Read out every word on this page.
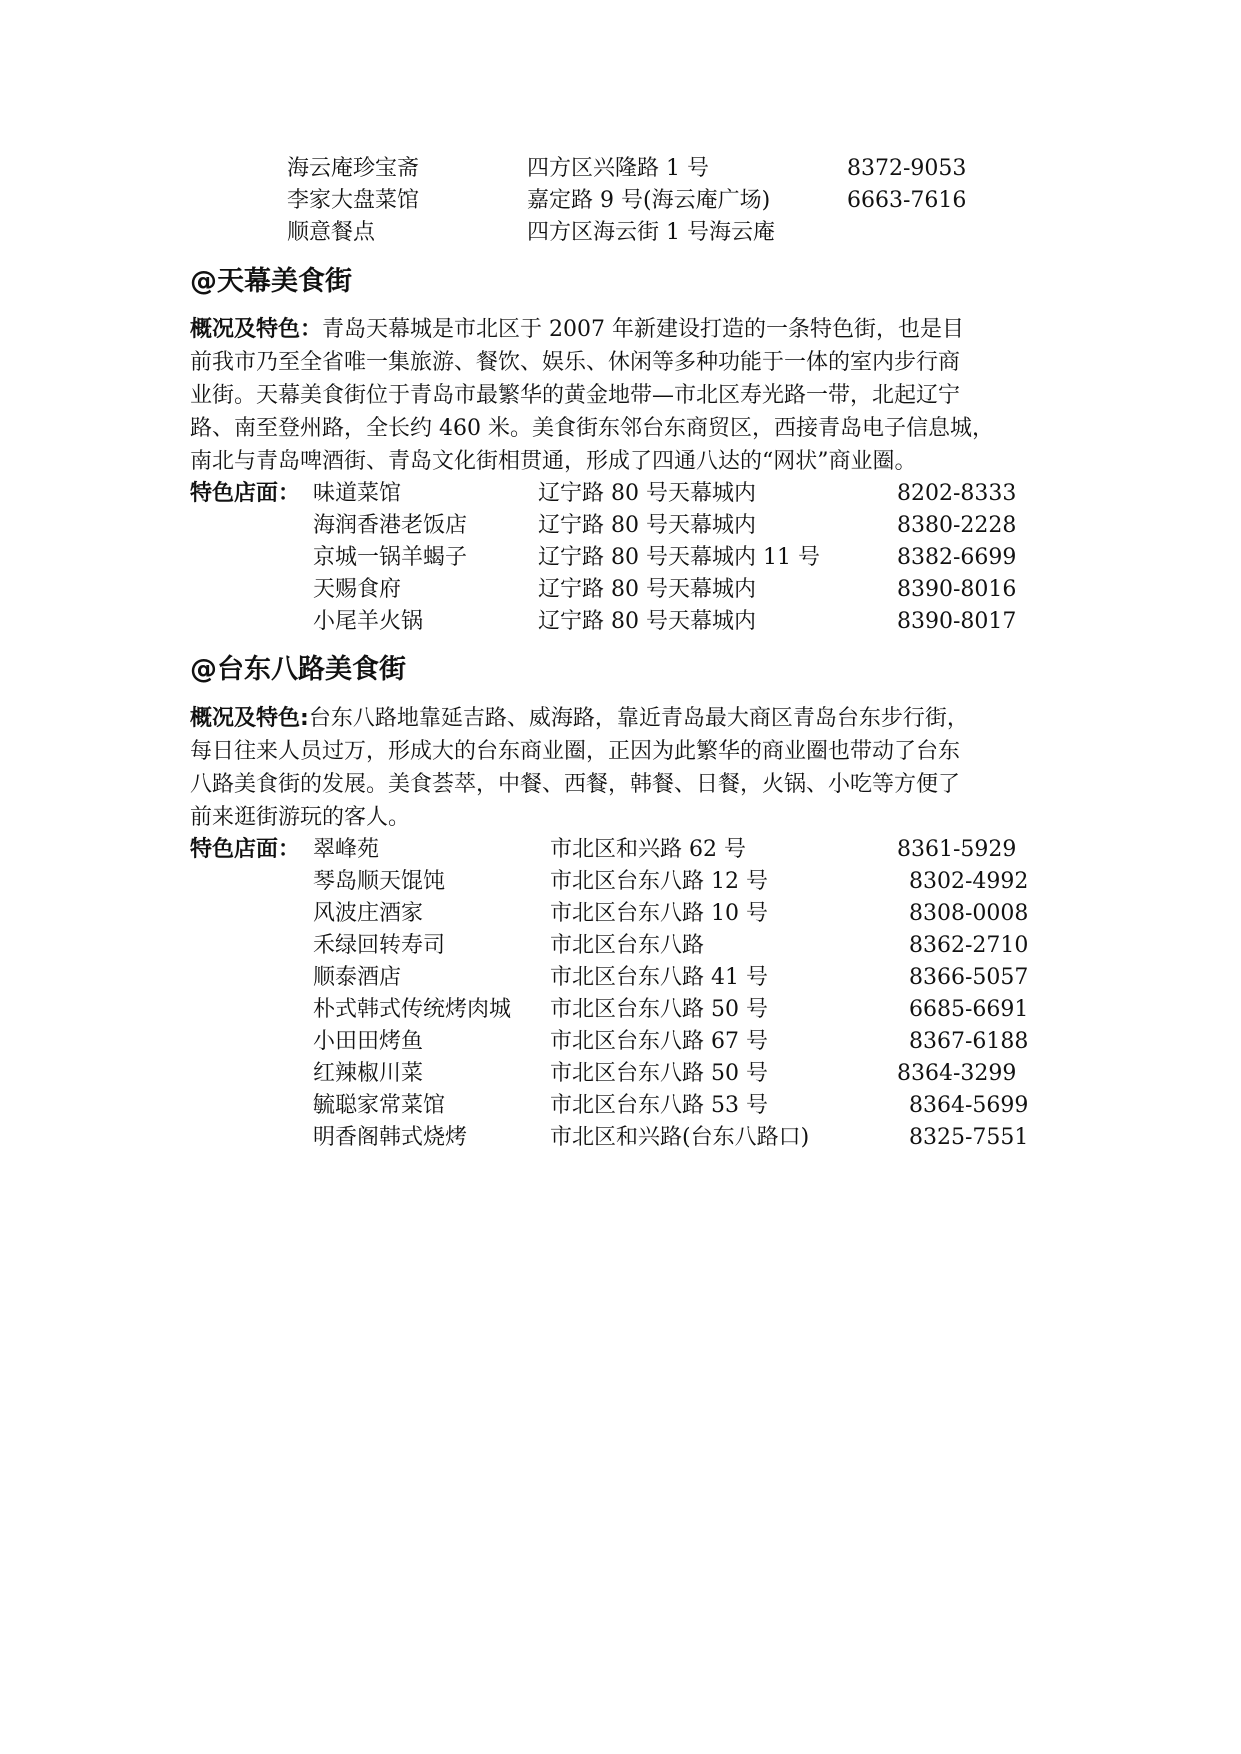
海云庵珍宝斋	四方区兴隆路 1 号	8372-9053
李家大盘菜馆	嘉定路 9 号(海云庵广场)	6663-7616
顺意餐点	四方区海云街 1 号海云庵
@天幕美食街
概况及特色：青岛天幕城是市北区于 2007 年新建设打造的一条特色街，也是目
前我市乃至全省唯一集旅游、餐饮、娱乐、休闲等多种功能于一体的室内步行商
业街。天幕美食街位于青岛市最繁华的黄金地带—市北区寿光路一带，北起辽宁
路、南至登州路，全长约 460 米。美食街东邻台东商贸区，西接青岛电子信息城，
南北与青岛啤酒街、青岛文化街相贯通，形成了四通八达的“网状”商业圈。
特色店面： 味道菜馆	辽宁路 80 号天幕城内	8202-8333
海润香港老饭店	辽宁路 80 号天幕城内	8380-2228
京城一锅羊蝎子	辽宁路 80 号天幕城内 11 号	8382-6699
天赐食府	辽宁路 80 号天幕城内	8390-8016
小尾羊火锅	辽宁路 80 号天幕城内	8390-8017
@台东八路美食街
概况及特色:台东八路地靠延吉路、威海路，靠近青岛最大商区青岛台东步行街，
每日往来人员过万，形成大的台东商业圈，正因为此繁华的商业圈也带动了台东
八路美食街的发展。美食荟萃，中餐、西餐，韩餐、日餐，火锅、小吃等方便了
前来逛街游玩的客人。
特色店面： 翠峰苑	市北区和兴路 62 号	8361-5929
琴岛顺天馄饨	市北区台东八路 12 号	8302-4992
风波庄酒家	市北区台东八路 10 号	8308-0008
禾绿回转寿司	市北区台东八路	8362-2710
顺泰酒店	市北区台东八路 41 号	8366-5057
朴式韩式传统烤肉城 市北区台东八路 50 号	6685-6691
小田田烤鱼	市北区台东八路 67 号	8367-6188
红辣椒川菜	市北区台东八路 50 号	8364-3299
毓聪家常菜馆	市北区台东八路 53 号	8364-5699
明香阁韩式烧烤	市北区和兴路(台东八路口)	8325-7551
